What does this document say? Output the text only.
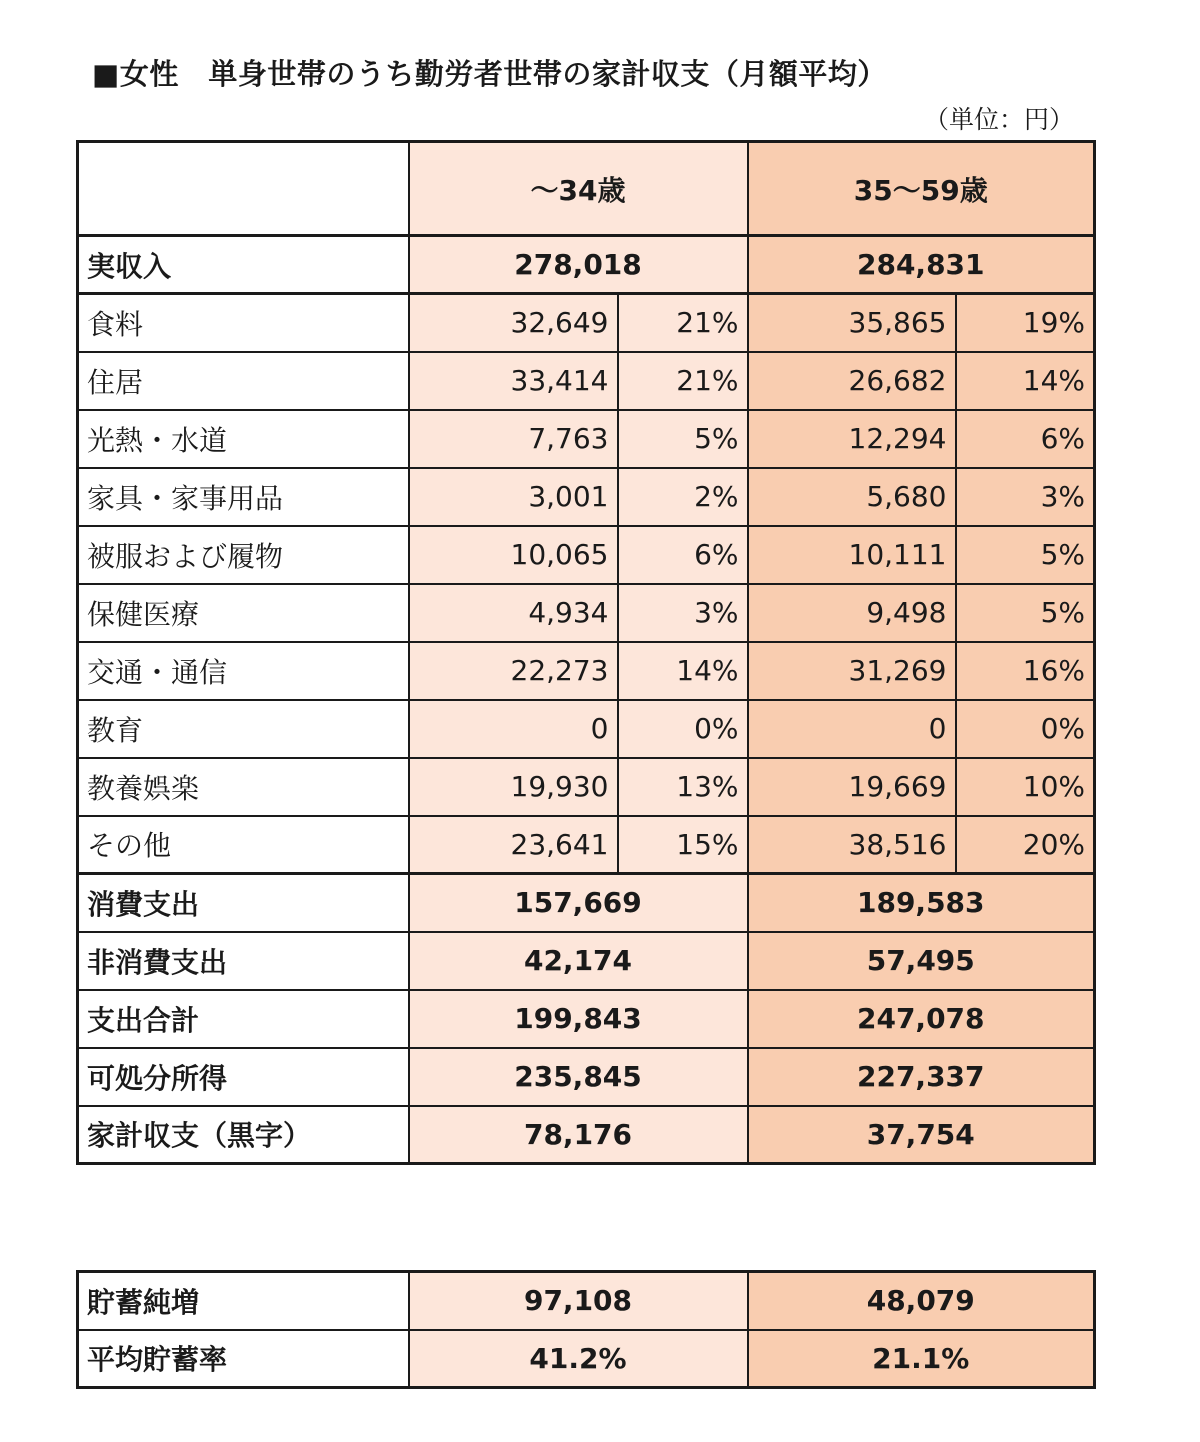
■女性　単身世帯のうち勤労者世帯の家計収支（月額平均）
（単位：円）
	～34歳		35～59歳	
実収入	278,018		284,831	
食料	32,649	21%	35,865	19%
住居	33,414	21%	26,682	14%
光熱・水道	7,763	5%	12,294	6%
家具・家事用品	3,001	2%	5,680	3%
被服および履物	10,065	6%	10,111	5%
保健医療	4,934	3%	9,498	5%
交通・通信	22,273	14%	31,269	16%
教育	0	0%	0	0%
教養娯楽	19,930	13%	19,669	10%
その他	23,641	15%	38,516	20%
消費支出	157,669		189,583	
非消費支出	42,174		57,495	
支出合計	199,843		247,078	
可処分所得	235,845		227,337	
家計収支（黒字）	78,176		37,754	
貯蓄純増	97,108	48,079
平均貯蓄率	41.2%	21.1%
